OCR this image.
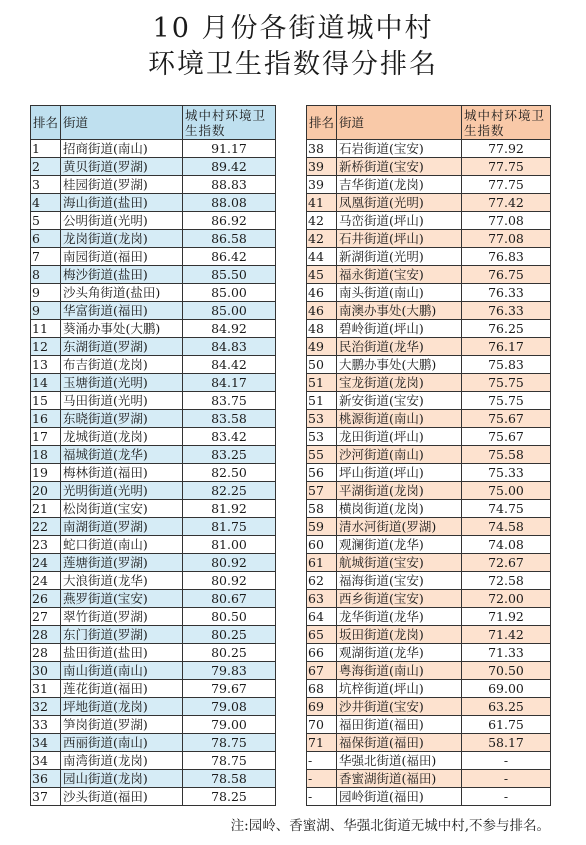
10 月份各街道城中村
环境卫生指数得分排名
排名	街道	城中村环境卫生指数
1	招商街道(南山)	91.17
2	黄贝街道(罗湖)	89.42
3	桂园街道(罗湖)	88.83
4	海山街道(盐田)	88.08
5	公明街道(光明)	86.92
6	龙岗街道(龙岗)	86.58
7	南园街道(福田)	86.42
8	梅沙街道(盐田)	85.50
9	沙头角街道(盐田)	85.00
9	华富街道(福田)	85.00
11	葵涌办事处(大鹏)	84.92
12	东湖街道(罗湖)	84.83
13	布吉街道(龙岗)	84.42
14	玉塘街道(光明)	84.17
15	马田街道(光明)	83.75
16	东晓街道(罗湖)	83.58
17	龙城街道(龙岗)	83.42
18	福城街道(龙华)	83.25
19	梅林街道(福田)	82.50
20	光明街道(光明)	82.25
21	松岗街道(宝安)	81.92
22	南湖街道(罗湖)	81.75
23	蛇口街道(南山)	81.00
24	莲塘街道(罗湖)	80.92
24	大浪街道(龙华)	80.92
26	燕罗街道(宝安)	80.67
27	翠竹街道(罗湖)	80.50
28	东门街道(罗湖)	80.25
28	盐田街道(盐田)	80.25
30	南山街道(南山)	79.83
31	莲花街道(福田)	79.67
32	坪地街道(龙岗)	79.08
33	笋岗街道(罗湖)	79.00
34	西丽街道(南山)	78.75
34	南湾街道(龙岗)	78.75
36	园山街道(龙岗)	78.58
37	沙头街道(福田)	78.25
排名	街道	城中村环境卫生指数
38	石岩街道(宝安)	77.92
39	新桥街道(宝安)	77.75
39	吉华街道(龙岗)	77.75
41	凤凰街道(光明)	77.42
42	马峦街道(坪山)	77.08
42	石井街道(坪山)	77.08
44	新湖街道(光明)	76.83
45	福永街道(宝安)	76.75
46	南头街道(南山)	76.33
46	南澳办事处(大鹏)	76.33
48	碧岭街道(坪山)	76.25
49	民治街道(龙华)	76.17
50	大鹏办事处(大鹏)	75.83
51	宝龙街道(龙岗)	75.75
51	新安街道(宝安)	75.75
53	桃源街道(南山)	75.67
53	龙田街道(坪山)	75.67
55	沙河街道(南山)	75.58
56	坪山街道(坪山)	75.33
57	平湖街道(龙岗)	75.00
58	横岗街道(龙岗)	74.75
59	清水河街道(罗湖)	74.58
60	观澜街道(龙华)	74.08
61	航城街道(宝安)	72.67
62	福海街道(宝安)	72.58
63	西乡街道(宝安)	72.00
64	龙华街道(龙华)	71.92
65	坂田街道(龙岗)	71.42
66	观湖街道(龙华)	71.33
67	粤海街道(南山)	70.50
68	坑梓街道(坪山)	69.00
69	沙井街道(宝安)	63.25
70	福田街道(福田)	61.75
71	福保街道(福田)	58.17
-	华强北街道(福田)	-
-	香蜜湖街道(福田)	-
-	园岭街道(福田)	-
注:园岭、香蜜湖、华强北街道无城中村,不参与排名。
